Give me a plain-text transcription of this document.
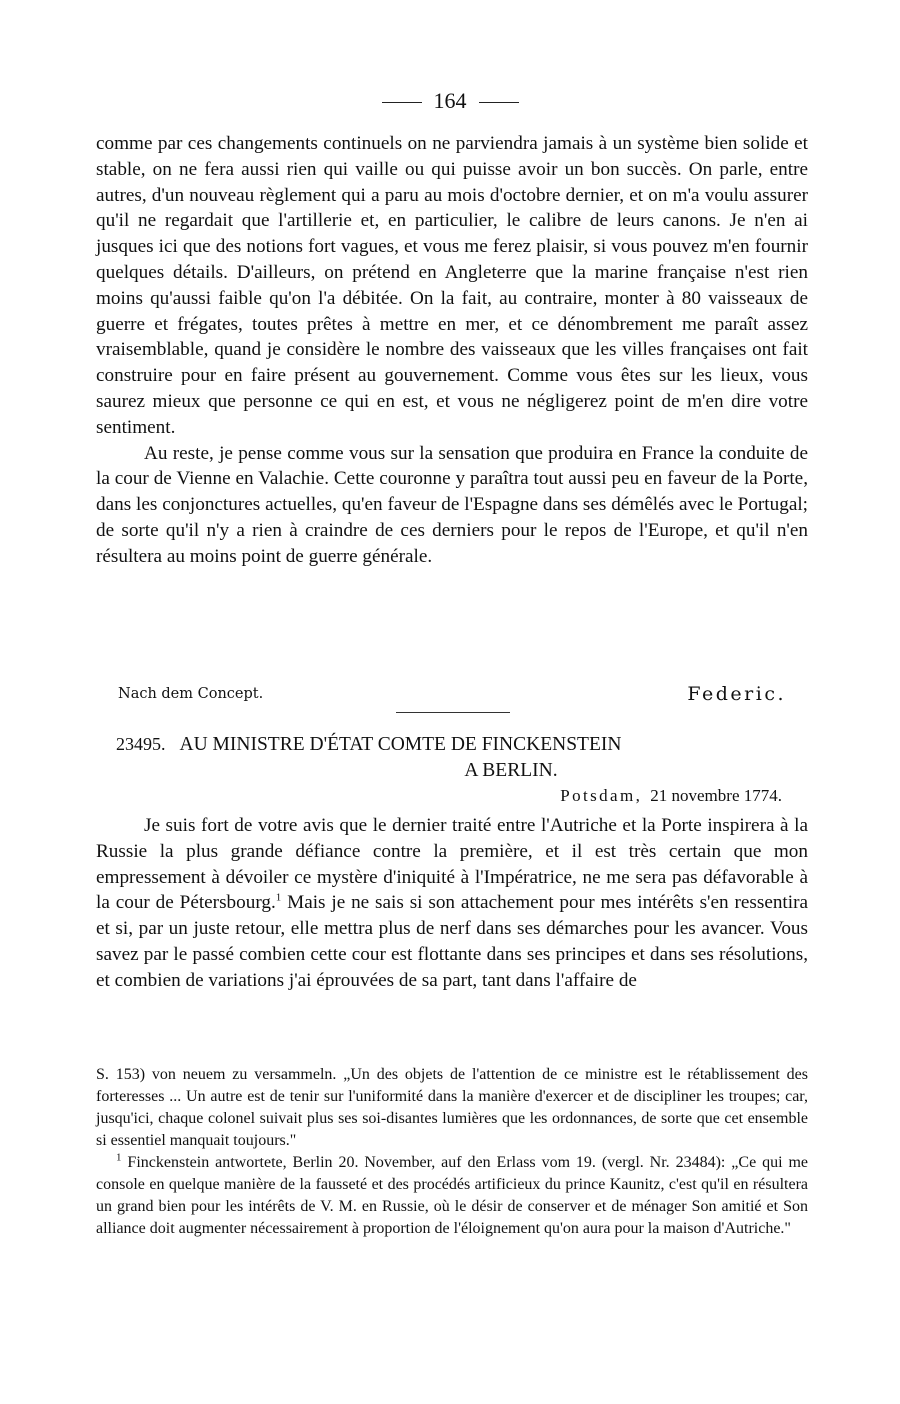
164

comme par ces changements continuels on ne parviendra jamais à un système bien solide et stable, on ne fera aussi rien qui vaille ou qui puisse avoir un bon succès. On parle, entre autres, d'un nouveau règlement qui a paru au mois d'octobre dernier, et on m'a voulu assurer qu'il ne regardait que l'artillerie et, en particulier, le calibre de leurs canons. Je n'en ai jusques ici que des notions fort vagues, et vous me ferez plaisir, si vous pouvez m'en fournir quelques détails. D'ailleurs, on prétend en Angleterre que la marine française n'est rien moins qu'aussi faible qu'on l'a débitée. On la fait, au contraire, monter à 80 vaisseaux de guerre et frégates, toutes prêtes à mettre en mer, et ce dénombrement me paraît assez vraisemblable, quand je considère le nombre des vaisseaux que les villes françaises ont fait construire pour en faire présent au gouvernement. Comme vous êtes sur les lieux, vous saurez mieux que personne ce qui en est, et vous ne négligerez point de m'en dire votre sentiment.

Au reste, je pense comme vous sur la sensation que produira en France la conduite de la cour de Vienne en Valachie. Cette couronne y paraîtra tout aussi peu en faveur de la Porte, dans les conjonctures actuelles, qu'en faveur de l'Espagne dans ses démêlés avec le Portugal; de sorte qu'il n'y a rien à craindre de ces derniers pour le repos de l'Europe, et qu'il n'en résultera au moins point de guerre générale.

Nach dem Concept.	Federic.
23495. AU MINISTRE D'ÉTAT COMTE DE FINCKENSTEIN
A BERLIN.
Potsdam, 21 novembre 1774.

Je suis fort de votre avis que le dernier traité entre l'Autriche et la Porte inspirera à la Russie la plus grande défiance contre la première, et il est très certain que mon empressement à dévoiler ce mystère d'iniquité à l'Impératrice, ne me sera pas défavorable à la cour de Pétersbourg.$^1$ Mais je ne sais si son attachement pour mes intérêts s'en ressentira et si, par un juste retour, elle mettra plus de nerf dans ses démarches pour les avancer. Vous savez par le passé combien cette cour est flottante dans ses principes et dans ses résolutions, et combien de variations j'ai éprouvées de sa part, tant dans l'affaire de

S. 153) von neuem zu versammeln. „Un des objets de l'attention de ce ministre est le rétablissement des forteresses ... Un autre est de tenir sur l'uniformité dans la manière d'exercer et de discipliner les troupes; car, jusqu'ici, chaque colonel suivait plus ses soi-disantes lumières que les ordonnances, de sorte que cet ensemble si essentiel manquait toujours."

$^1$ Finckenstein antwortete, Berlin 20. November, auf den Erlass vom 19. (vergl. Nr. 23484): „Ce qui me console en quelque manière de la fausseté et des procédés artificieux du prince Kaunitz, c'est qu'il en résultera un grand bien pour les intérêts de V. M. en Russie, où le désir de conserver et de ménager Son amitié et Son alliance doit augmenter nécessairement à proportion de l'éloignement qu'on aura pour la maison d'Autriche."
